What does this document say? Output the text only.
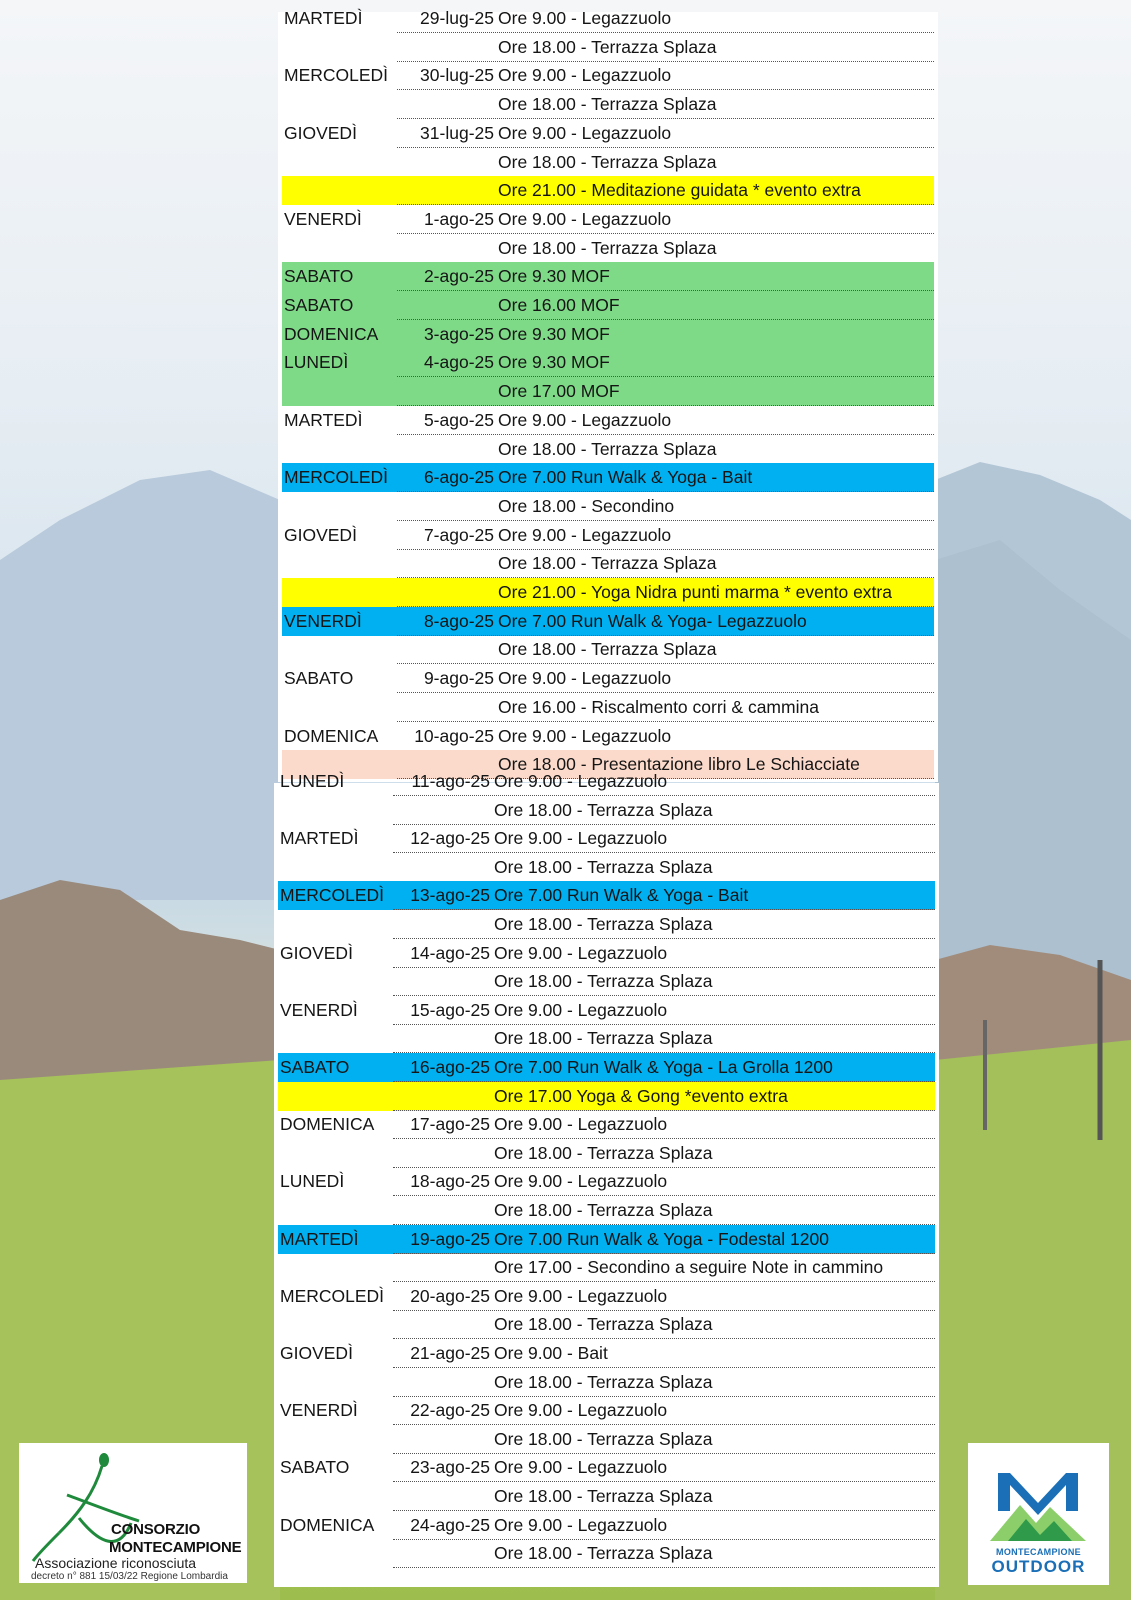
MARTEDÌ	29-lug-25 Ore 9.00 - Legazzuolo
Ore 18.00 - Terrazza Splaza
MERCOLEDÌ	30-lug-25 Ore 9.00 - Legazzuolo
Ore 18.00 - Terrazza Splaza
GIOVEDÌ	31-lug-25 Ore 9.00 - Legazzuolo
Ore 18.00 - Terrazza Splaza
Ore 21.00 - Meditazione guidata * evento extra
VENERDÌ	1-ago-25 Ore 9.00 - Legazzuolo
Ore 18.00 - Terrazza Splaza
SABATO	2-ago-25 Ore 9.30 MOF
SABATO	Ore 16.00 MOF
DOMENICA	3-ago-25 Ore 9.30 MOF
LUNEDÌ	4-ago-25 Ore 9.30 MOF
Ore 17.00 MOF
MARTEDÌ	5-ago-25 Ore 9.00 - Legazzuolo
Ore 18.00 - Terrazza Splaza
MERCOLEDÌ	6-ago-25 Ore 7.00 Run Walk & Yoga - Bait
Ore 18.00 - Secondino
GIOVEDÌ	7-ago-25 Ore 9.00 - Legazzuolo
Ore 18.00 - Terrazza Splaza
Ore 21.00 - Yoga Nidra punti marma * evento extra
VENERDÌ	8-ago-25 Ore 7.00 Run Walk & Yoga- Legazzuolo
Ore 18.00 - Terrazza Splaza
SABATO	9-ago-25 Ore 9.00 - Legazzuolo
Ore 16.00 - Riscalmento corri & cammina
DOMENICA	10-ago-25 Ore 9.00 - Legazzuolo
Ore 18.00 - Presentazione libro Le Schiacciate
LUNEDÌ	11-ago-25 Ore 9.00 - Legazzuolo
Ore 18.00 - Terrazza Splaza
MARTEDÌ	12-ago-25 Ore 9.00 - Legazzuolo
Ore 18.00 - Terrazza Splaza
MERCOLEDÌ	13-ago-25 Ore 7.00 Run Walk & Yoga - Bait
Ore 18.00 - Terrazza Splaza
GIOVEDÌ	14-ago-25 Ore 9.00 - Legazzuolo
Ore 18.00 - Terrazza Splaza
VENERDÌ	15-ago-25 Ore 9.00 - Legazzuolo
Ore 18.00 - Terrazza Splaza
SABATO	16-ago-25 Ore 7.00 Run Walk & Yoga - La Grolla 1200
Ore 17.00 Yoga & Gong *evento extra
DOMENICA	17-ago-25 Ore 9.00 - Legazzuolo
Ore 18.00 - Terrazza Splaza
LUNEDÌ	18-ago-25 Ore 9.00 - Legazzuolo
Ore 18.00 - Terrazza Splaza
MARTEDÌ	19-ago-25 Ore 7.00 Run Walk & Yoga - Fodestal 1200
Ore 17.00 - Secondino a seguire Note in cammino
MERCOLEDÌ	20-ago-25 Ore 9.00 - Legazzuolo
Ore 18.00 - Terrazza Splaza
GIOVEDÌ	21-ago-25 Ore 9.00 - Bait
Ore 18.00 - Terrazza Splaza
VENERDÌ	22-ago-25 Ore 9.00 - Legazzuolo
Ore 18.00 - Terrazza Splaza
SABATO	23-ago-25 Ore 9.00 - Legazzuolo
Ore 18.00 - Terrazza Splaza
DOMENICA	24-ago-25 Ore 9.00 - Legazzuolo
Ore 18.00 - Terrazza Splaza
CONSORZIO
MONTECAMPIONE
Associazione riconosciuta
decreto n° 881 15/03/22 Regione Lombardia
MONTECAMPIONE
OUTDOOR
